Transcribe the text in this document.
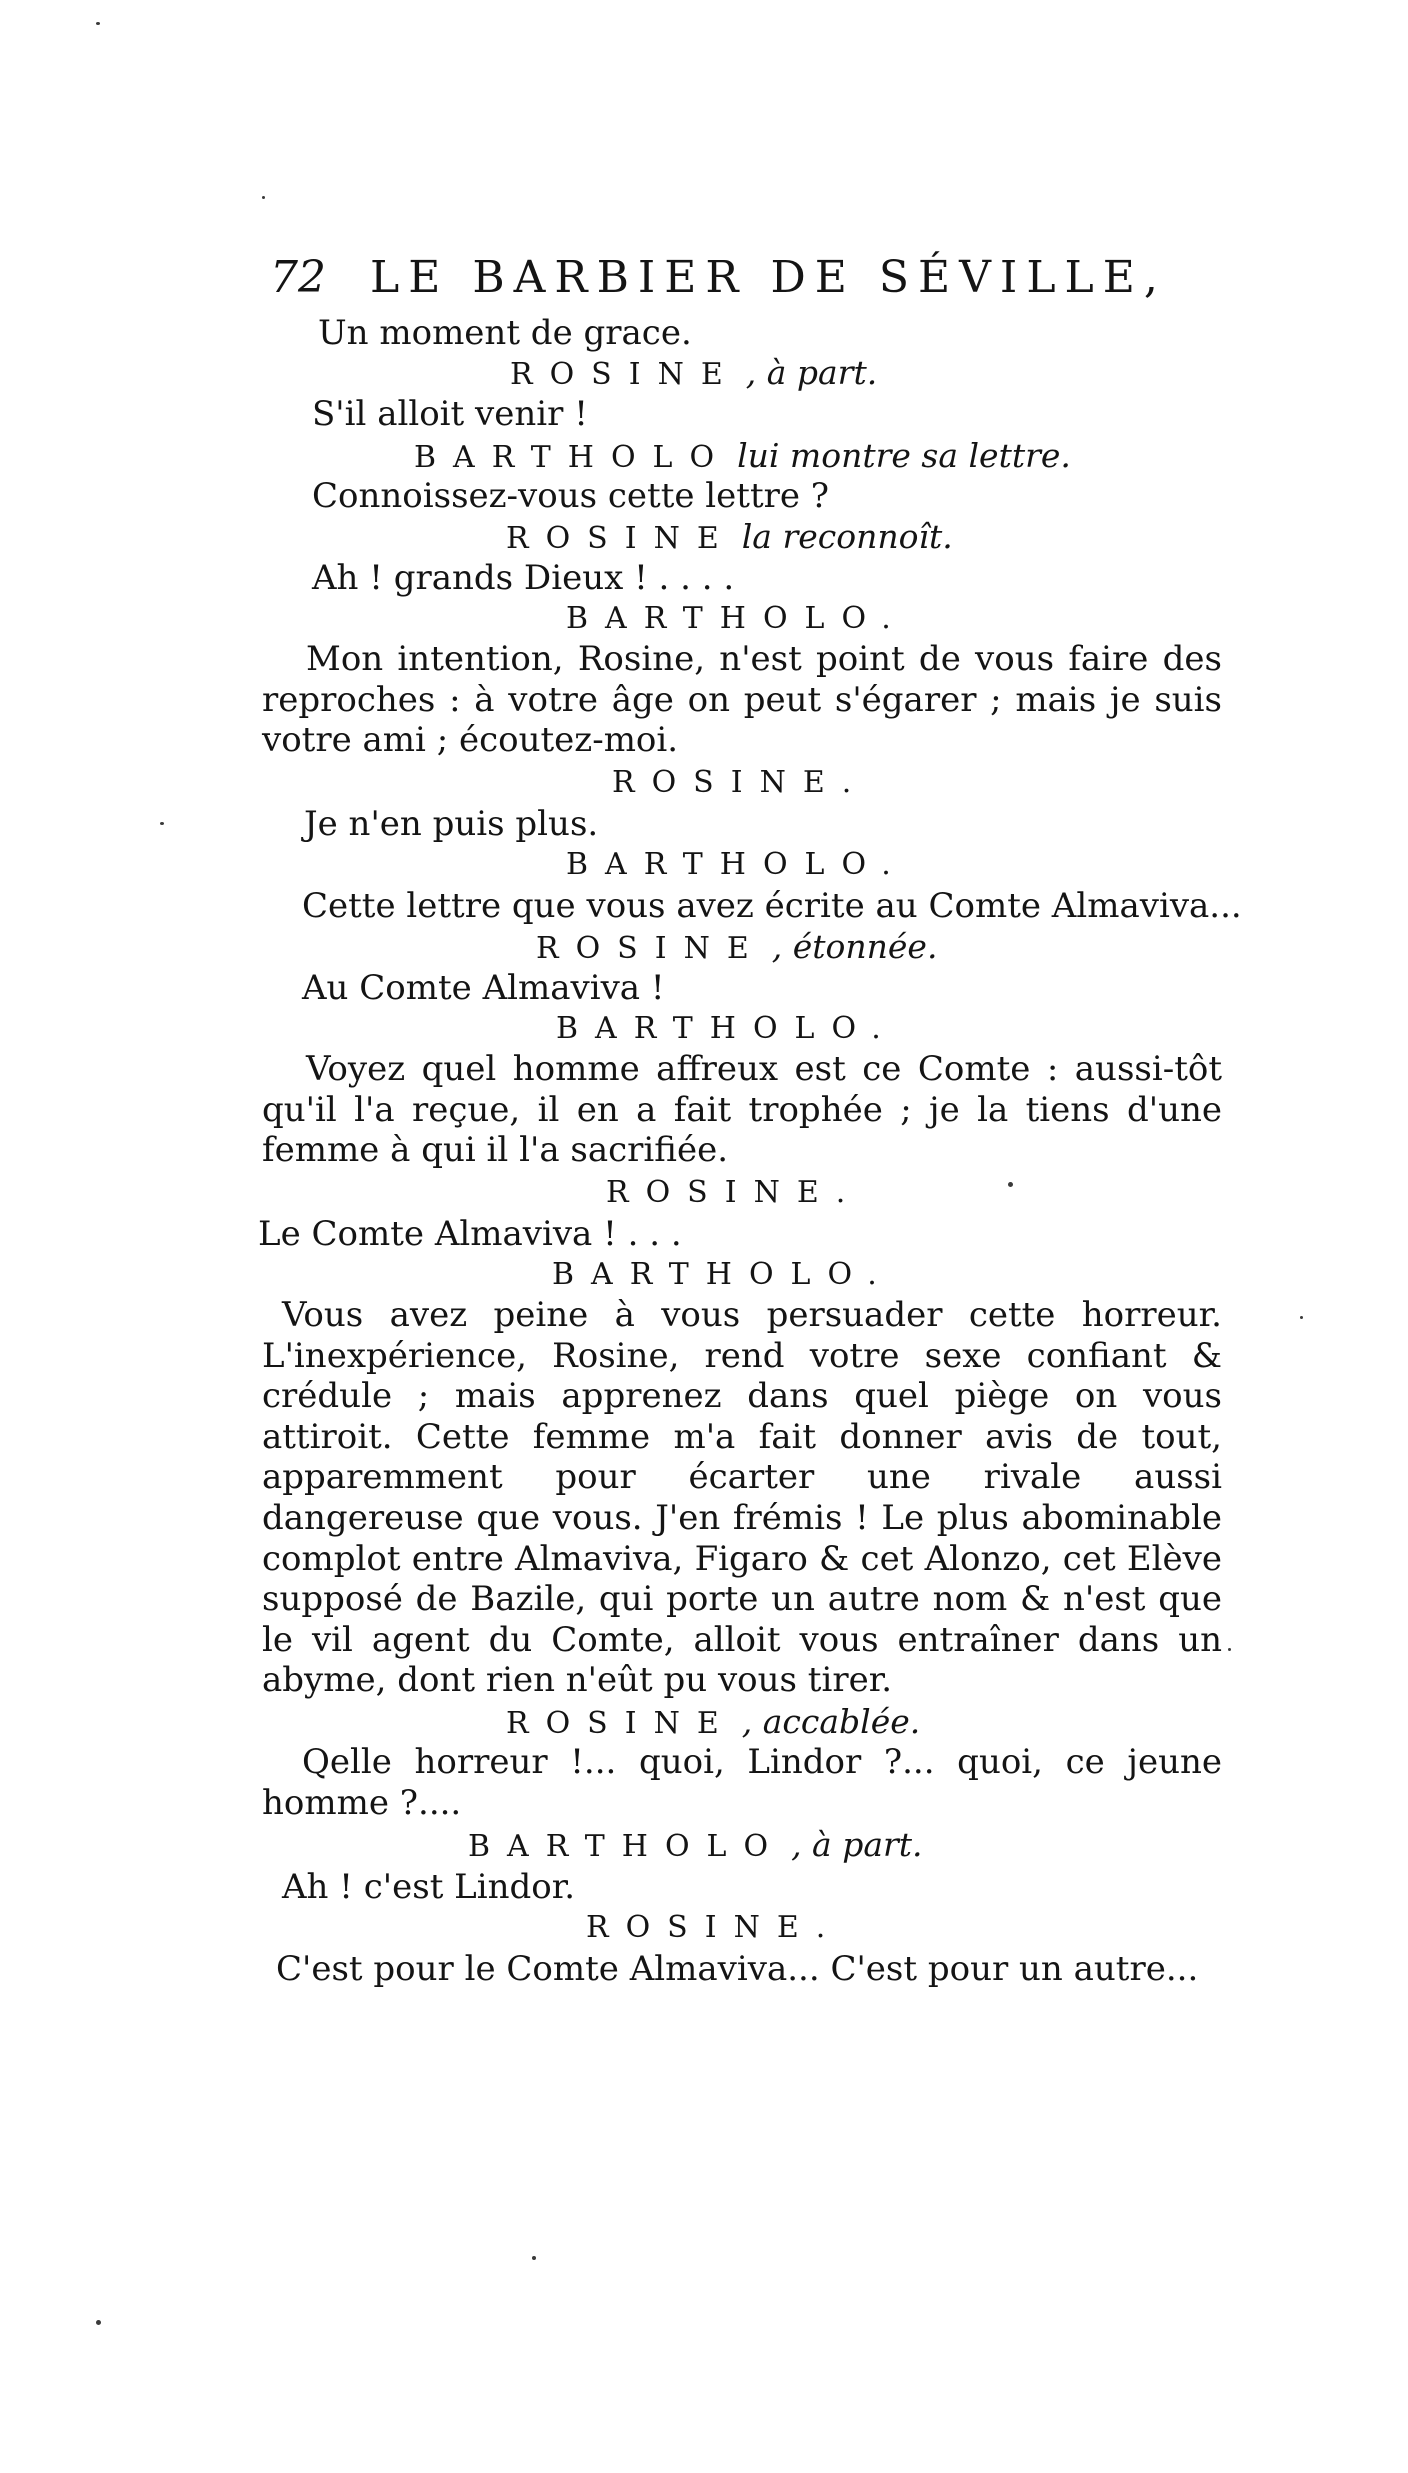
72 LE BARBIER DE SÉVILLE,
Un moment de grace.
ROSINE , à part.
S'il alloit venir !
BARTHOLO lui montre sa lettre.
Connoissez-vous cette lettre ?
ROSINE la reconnoît.
Ah ! grands Dieux ! . . . .
BARTHOLO.
Mon intention, Rosine, n'est point de vous faire des reproches : à votre âge on peut s'égarer ; mais je suis votre ami ; écoutez-moi.
ROSINE.
Je n'en puis plus.
BARTHOLO.
Cette lettre que vous avez écrite au Comte Almaviva...
ROSINE , étonnée.
Au Comte Almaviva !
BARTHOLO.
Voyez quel homme affreux est ce Comte : aussi-tôt qu'il l'a reçue, il en a fait trophée ; je la tiens d'une femme à qui il l'a sacrifiée.
ROSINE.
Le Comte Almaviva ! . . .
BARTHOLO.
Vous avez peine à vous persuader cette horreur. L'inexpérience, Rosine, rend votre sexe confiant & crédule ; mais apprenez dans quel piège on vous attiroit. Cette femme m'a fait donner avis de tout, apparemment pour écarter une rivale aussi dangereuse que vous. J'en frémis ! Le plus abominable complot entre Almaviva, Figaro & cet Alonzo, cet Elève supposé de Bazile, qui porte un autre nom & n'est que le vil agent du Comte, alloit vous entraîner dans un abyme, dont rien n'eût pu vous tirer.
ROSINE , accablée.
Qelle horreur !... quoi, Lindor ?... quoi, ce jeune homme ?....
BARTHOLO , à part.
Ah ! c'est Lindor.
ROSINE.
C'est pour le Comte Almaviva... C'est pour un autre...
